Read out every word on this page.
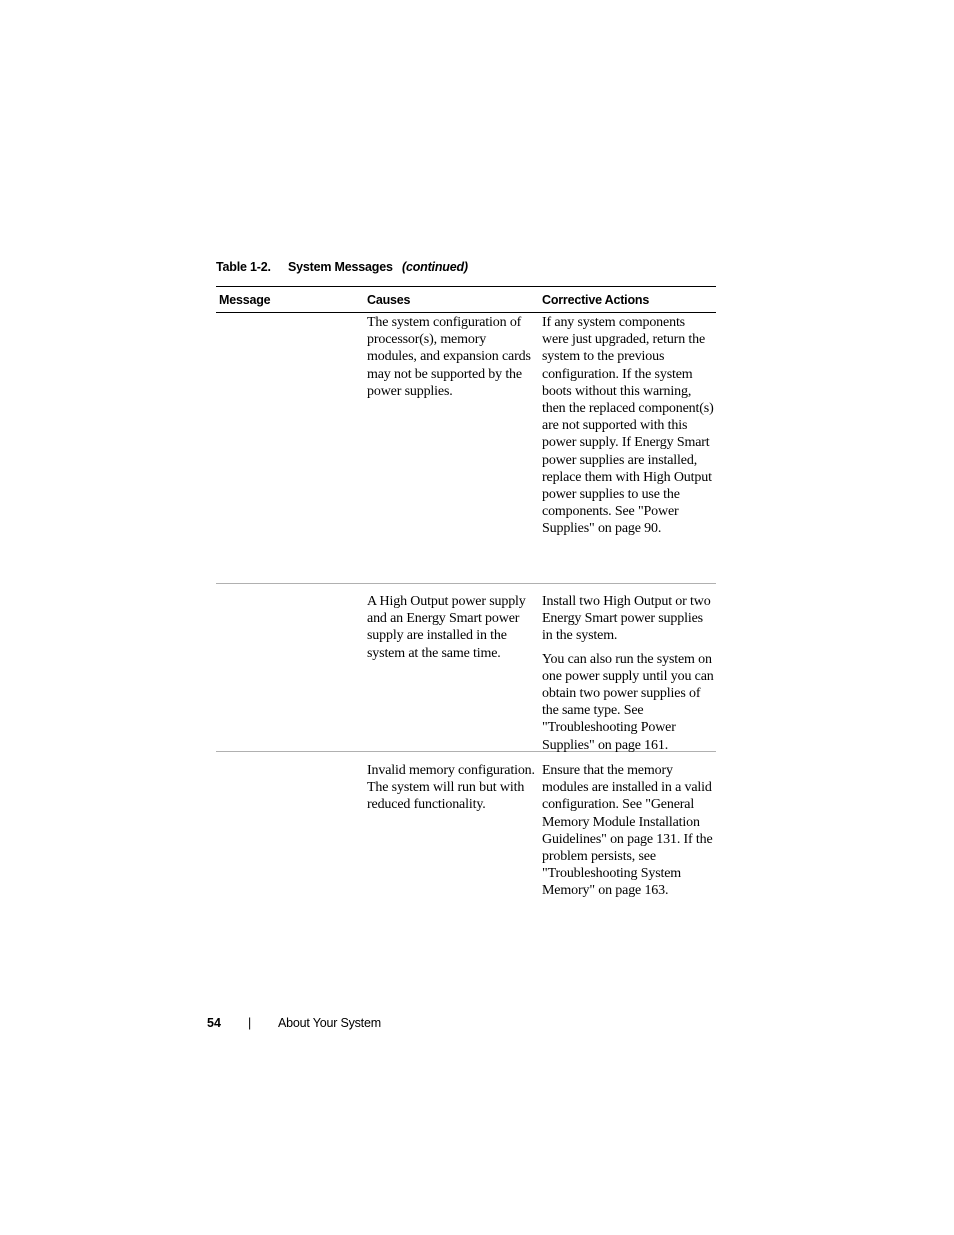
Table 1-2. System Messages (continued)
Message	Causes	Corrective Actions
The system configuration of processor(s), memory modules, and expansion cards may not be supported by the power supplies.

If any system components were just upgraded, return the system to the previous configuration. If the system boots without this warning, then the replaced component(s) are not supported with this power supply. If Energy Smart power supplies are installed, replace them with High Output power supplies to use the components. See "Power Supplies" on page 90.

A High Output power supply and an Energy Smart power supply are installed in the system at the same time.

Install two High Output or two Energy Smart power supplies in the system.

You can also run the system on one power supply until you can obtain two power supplies of the same type. See "Troubleshooting Power Supplies" on page 161.

Invalid memory configuration. The system will run but with reduced functionality.

Ensure that the memory modules are installed in a valid configuration. See "General Memory Module Installation Guidelines" on page 131. If the problem persists, see "Troubleshooting System Memory" on page 163.

54 | About Your System
